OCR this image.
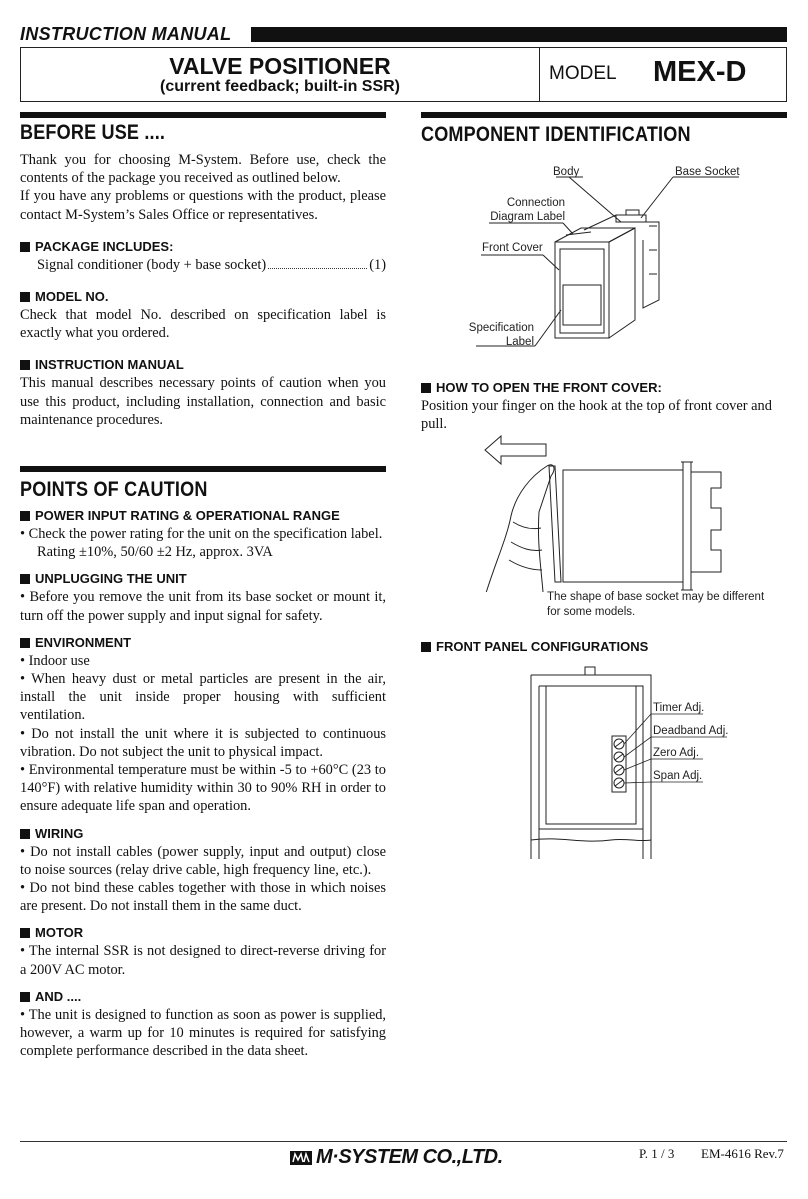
INSTRUCTION MANUAL
VALVE POSITIONER
(current feedback; built-in SSR)
MODEL MEX-D
BEFORE USE ....
Thank you for choosing M-System. Before use, check the contents of the package you received as outlined below.
If you have any problems or questions with the product, please contact M-System’s Sales Office or representatives.
PACKAGE INCLUDES:
Signal conditioner (body + base socket)	(1)
MODEL NO.
Check that model No. described on specification label is exactly what you ordered.
INSTRUCTION MANUAL
This manual describes necessary points of caution when you use this product, including installation, connection and basic maintenance procedures.
POINTS OF CAUTION
POWER INPUT RATING & OPERATIONAL RANGE
• Check the power rating for the unit on the specification label.
Rating ±10%, 50/60 ±2 Hz, approx. 3VA
UNPLUGGING THE UNIT
• Before you remove the unit from its base socket or mount it, turn off the power supply and input signal for safety.
ENVIRONMENT
• Indoor use
• When heavy dust or metal particles are present in the air, install the unit inside proper housing with sufficient ventilation.
• Do not install the unit where it is subjected to continuous vibration. Do not subject the unit to physical impact.
• Environmental temperature must be within -5 to +60°C (23 to 140°F) with relative humidity within 30 to 90% RH in order to ensure adequate life span and operation.
WIRING
• Do not install cables (power supply, input and output) close to noise sources (relay drive cable, high frequency line, etc.).
• Do not bind these cables together with those in which noises are present. Do not install them in the same duct.
MOTOR
• The internal SSR is not designed to direct-reverse driving for a 200V AC motor.
AND ....
• The unit is designed to function as soon as power is supplied, however, a warm up for 10 minutes is required for satisfying complete performance described in the data sheet.
COMPONENT IDENTIFICATION
Body	Base Socket
Connection
Diagram Label
Front Cover
Specification
Label
HOW TO OPEN THE FRONT COVER:
Position your finger on the hook at the top of front cover and pull.
The shape of base socket may be different for some models.
FRONT PANEL CONFIGURATIONS
Timer Adj.
Deadband Adj.
Zero Adj.
Span Adj.
M·SYSTEM CO.,LTD.	P. 1 / 3 EM-4616 Rev.7
